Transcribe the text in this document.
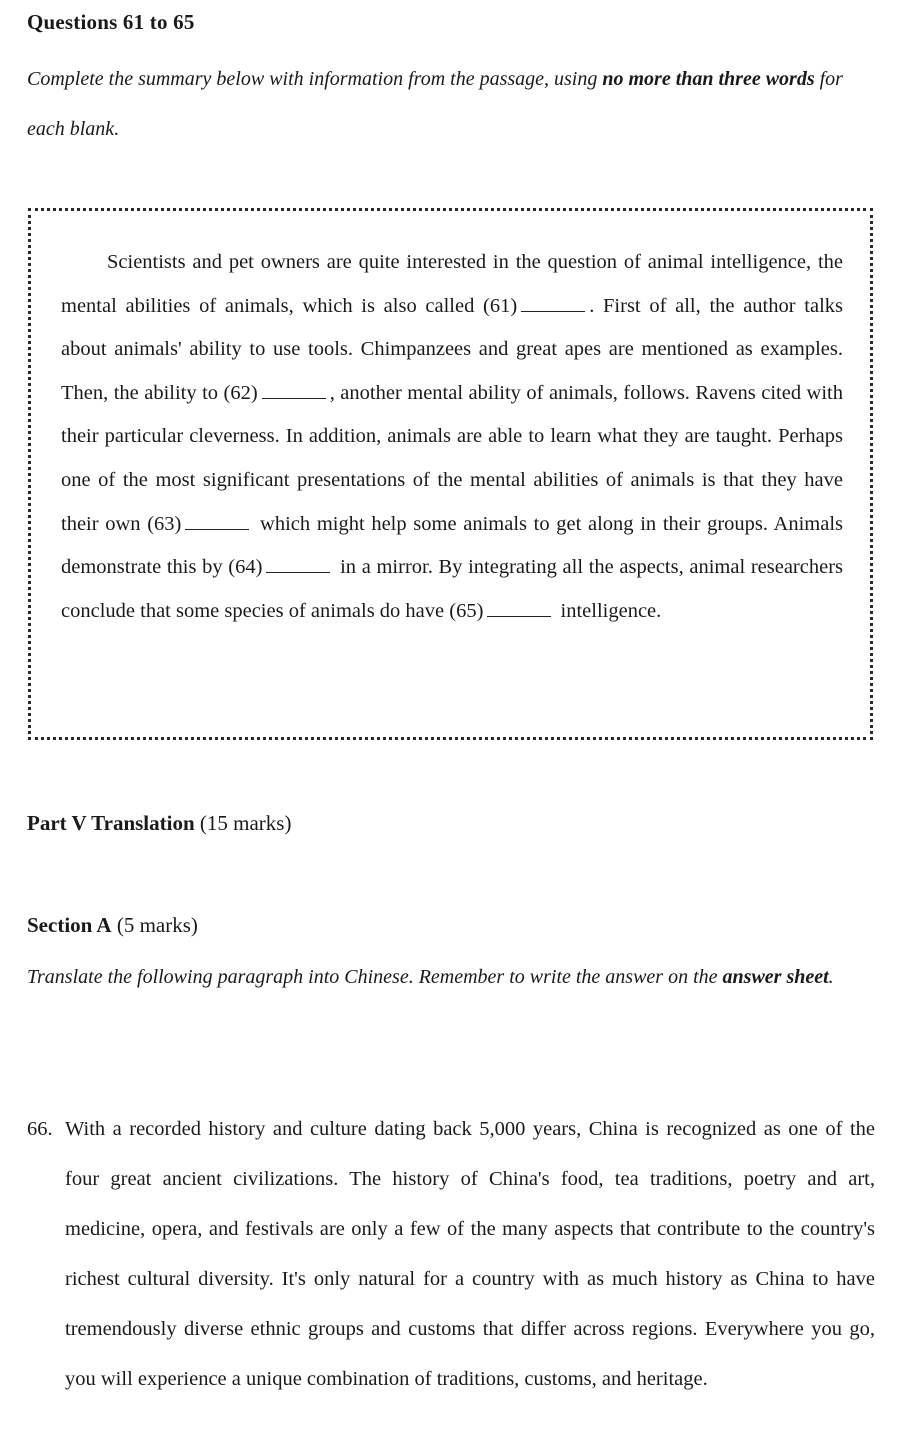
Questions 61 to 65
Complete the summary below with information from the passage, using no more than three words for each blank.
Scientists and pet owners are quite interested in the question of animal intelligence, the mental abilities of animals, which is also called (61)	. First of all, the author talks about animals' ability to use tools. Chimpanzees and great apes are mentioned as examples. Then, the ability to (62)	, another mental ability of animals, follows. Ravens cited with their particular cleverness. In addition, animals are able to learn what they are taught. Perhaps one of the most significant presentations of the mental abilities of animals is that they have their own (63)	which might help some animals to get along in their groups. Animals demonstrate this by (64)	in a mirror. By integrating all the aspects, animal researchers conclude that some species of animals do have (65)	intelligence.
Part V Translation (15 marks)
Section A (5 marks)
Translate the following paragraph into Chinese. Remember to write the answer on the answer sheet.
66. With a recorded history and culture dating back 5,000 years, China is recognized as one of the four great ancient civilizations. The history of China's food, tea traditions, poetry and art, medicine, opera, and festivals are only a few of the many aspects that contribute to the country's richest cultural diversity. It's only natural for a country with as much history as China to have tremendously diverse ethnic groups and customs that differ across regions. Everywhere you go, you will experience a unique combination of traditions, customs, and heritage.
